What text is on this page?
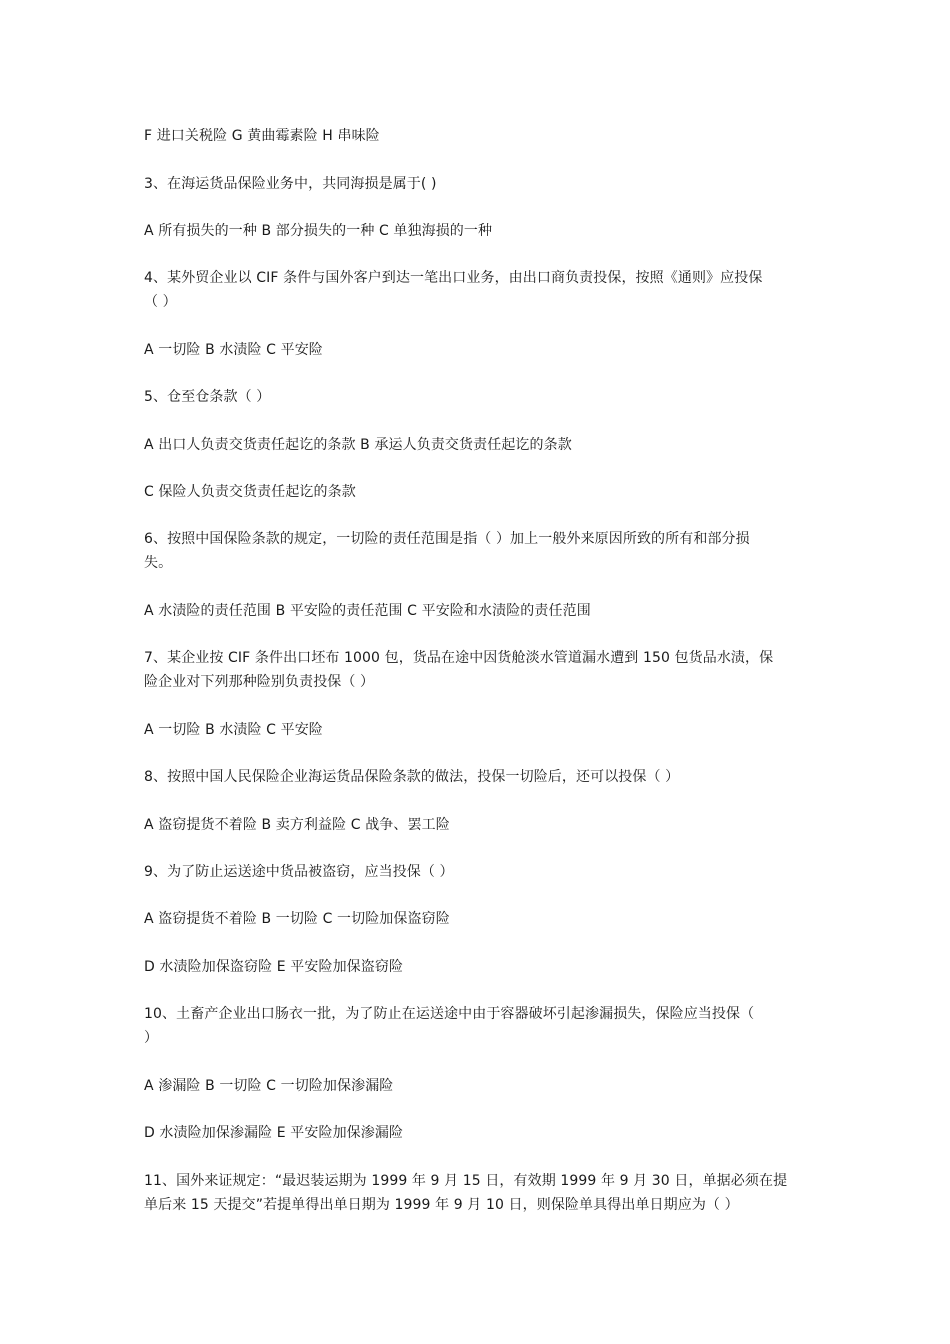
F 进口关税险 G 黄曲霉素险 H 串味险
3、在海运货品保险业务中，共同海损是属于( )
A 所有损失的一种 B 部分损失的一种 C 单独海损的一种
4、某外贸企业以 CIF 条件与国外客户到达一笔出口业务，由出口商负责投保，按照《通则》应投保
（ ）
A 一切险 B 水渍险 C 平安险
5、仓至仓条款（ ）
A 出口人负责交货责任起讫的条款 B 承运人负责交货责任起讫的条款
C 保险人负责交货责任起讫的条款
6、按照中国保险条款的规定，一切险的责任范围是指（ ）加上一般外来原因所致的所有和部分损
失。
A 水渍险的责任范围 B 平安险的责任范围 C 平安险和水渍险的责任范围
7、某企业按 CIF 条件出口坯布 1000 包，货品在途中因货舱淡水管道漏水遭到 150 包货品水渍，保
险企业对下列那种险别负责投保（ ）
A 一切险 B 水渍险 C 平安险
8、按照中国人民保险企业海运货品保险条款的做法，投保一切险后，还可以投保（ ）
A 盗窃提货不着险 B 卖方利益险 C 战争、罢工险
9、为了防止运送途中货品被盗窃，应当投保（ ）
A 盗窃提货不着险 B 一切险 C 一切险加保盗窃险
D 水渍险加保盗窃险 E 平安险加保盗窃险
10、土畜产企业出口肠衣一批，为了防止在运送途中由于容器破坏引起渗漏损失，保险应当投保（
）
A 渗漏险 B 一切险 C 一切险加保渗漏险
D 水渍险加保渗漏险 E 平安险加保渗漏险
11、国外来证规定：“最迟装运期为 1999 年 9 月 15 日，有效期 1999 年 9 月 30 日，单据必须在提
单后来 15 天提交”若提单得出单日期为 1999 年 9 月 10 日，则保险单具得出单日期应为（ ）
